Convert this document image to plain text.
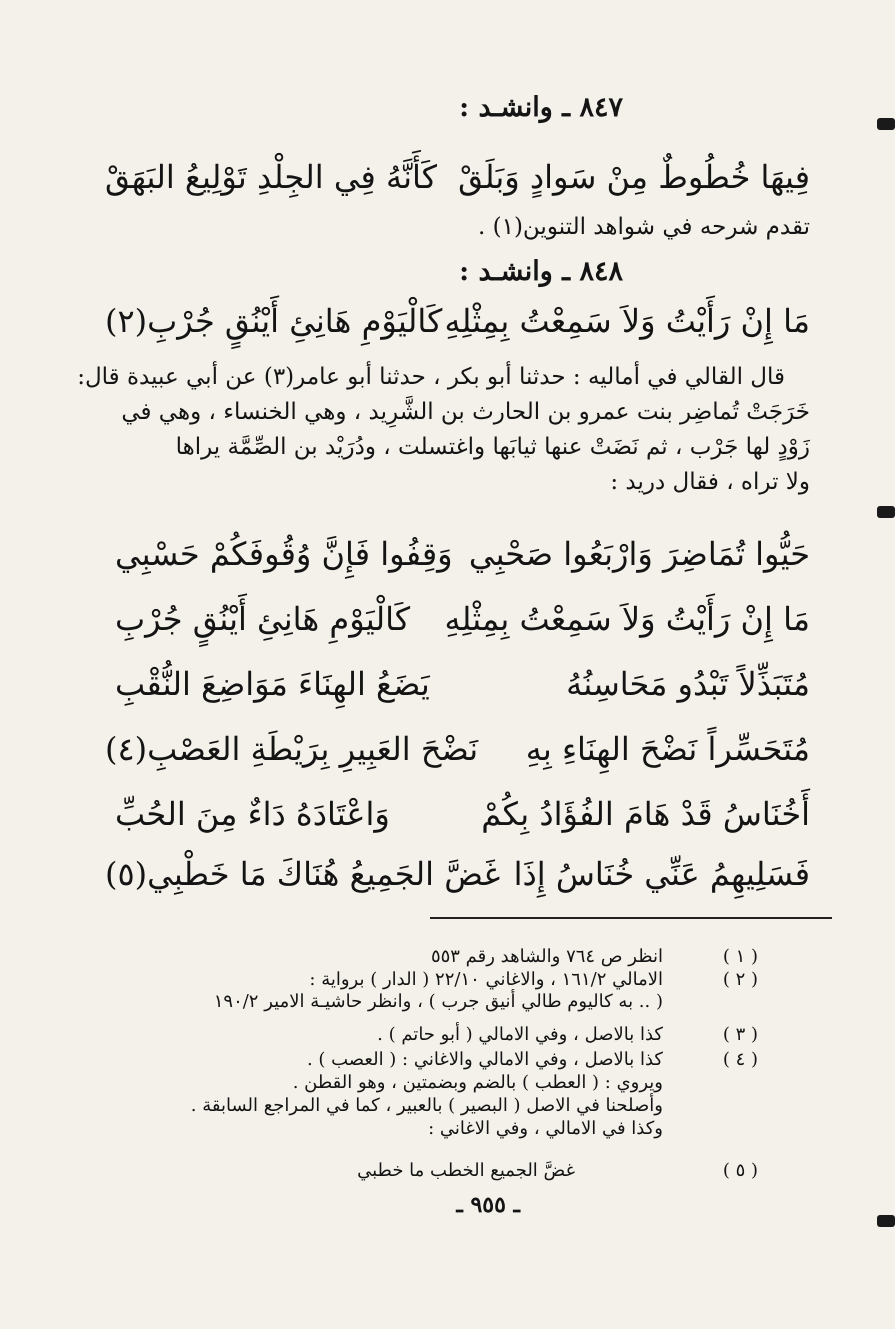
٨٤٧ ـ وانشـد :
فِيهَا خُطُوطٌ مِنْ سَوادٍ وَبَلَقْ
كَأَنَّهُ فِي الجِلْدِ تَوْلِيعُ البَهَقْ
تقدم شرحه في شواهد التنوين(١) .
٨٤٨ ـ وانشـد :
مَا إِنْ رَأَيْتُ وَلاَ سَمِعْتُ بِمِثْلِهِ
كَالْيَوْمِ هَانِئِ أَيْنُقٍ جُرْبِ(٢)
قال القالي في أماليه : حدثنا أبو بكر ، حدثنا أبو عامر(٣) عن أبي عبيدة قال:
خَرَجَتْ تُماضِر بنت عمرو بن الحارث بن الشَّرِيد ، وهي الخنساء ، وهي في
زَوْدٍ لها جَرْب ، ثم نَضَتْ عنها ثيابَها واغتسلت ، ودُرَيْد بن الصِّمَّة يراها
ولا تراه ، فقال دريد :
حَيُّوا تُمَاضِرَ وَارْبَعُوا صَحْبِي
وَقِفُوا فَإِنَّ وُقُوفَكُمْ حَسْبِي
مَا إِنْ رَأَيْتُ وَلاَ سَمِعْتُ بِمِثْلِهِ
كَالْيَوْمِ هَانِئِ أَيْنُقٍ جُرْبِ
مُتَبَذِّلاً تَبْدُو مَحَاسِنُهُ
يَضَعُ الهِنَاءَ مَوَاضِعَ النُّقْبِ
مُتَحَسِّراً نَضْحَ الهِنَاءِ بِهِ
نَضْحَ العَبِيرِ بِرَيْطَةِ العَصْبِ(٤)
أَخُنَاسُ قَدْ هَامَ الفُؤَادُ بِكُمْ
وَاعْتَادَهُ دَاءٌ مِنَ الحُبِّ
فَسَلِيهِمُ عَنِّي خُنَاسُ إِذَا
غَضَّ الجَمِيعُ هُنَاكَ مَا خَطْبِي(٥)
( ١ )
انظر ص ٧٦٤ والشاهد رقم ٥٥٣
( ٢ )
الامالي ١٦١/٢ ، والاغاني ٢٢/١٠ ( الدار ) برواية :
( .. به كاليوم طالي أنيق جرب ) ، وانظر حاشيـة الامير ١٩٠/٢
( ٣ )
كذا بالاصل ، وفي الامالي ( أبو حاتم ) .
( ٤ )
كذا بالاصل ، وفي الامالي والاغاني : ( العصب ) .
ويروي : ( العطب ) بالضم وبضمتين ، وهو القطن .
وأصلحنا في الاصل ( البصير ) بالعبير ، كما في المراجع السابقة .
وكذا في الامالي ، وفي الاغاني :
( ٥ )
غضَّ الجميع الخطب ما خطبي
ـ ٩٥٥ ـ
